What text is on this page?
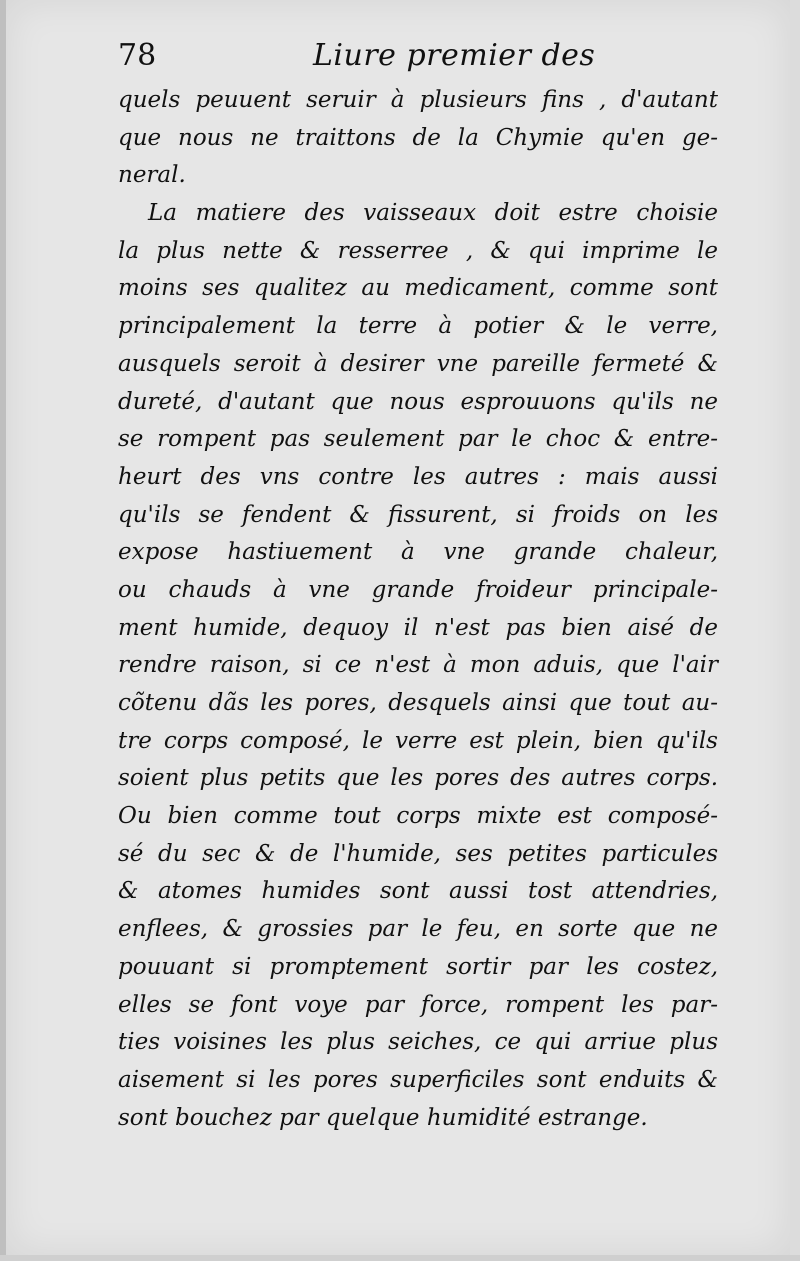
78	Liure premier des
quels peuuent seruir à plusieurs fins , d'autant
que nous ne traittons de la Chymie qu'en ge-
neral.
La matiere des vaisseaux doit estre choisie
la plus nette & resserree , & qui imprime le
moins ses qualitez au medicament, comme sont
principalement la terre à potier & le verre,
ausquels seroit à desirer vne pareille fermeté &
dureté, d'autant que nous esprouuons qu'ils ne
se rompent pas seulement par le choc & entre-
heurt des vns contre les autres : mais aussi
qu'ils se fendent & fissurent, si froids on les
expose hastiuement à vne grande chaleur,
ou chauds à vne grande froideur principale-
ment humide, dequoy il n'est pas bien aisé de
rendre raison, si ce n'est à mon aduis, que l'air
cõtenu dãs les pores, desquels ainsi que tout au-
tre corps composé, le verre est plein, bien qu'ils
soient plus petits que les pores des autres corps.
Ou bien comme tout corps mixte est composé-
sé du sec & de l'humide, ses petites particules
& atomes humides sont aussi tost attendries,
enflees, & grossies par le feu, en sorte que ne
pouuant si promptement sortir par les costez,
elles se font voye par force, rompent les par-
ties voisines les plus seiches, ce qui arriue plus
aisement si les pores superficiles sont enduits &
sont bouchez par quelque humidité estrange.
